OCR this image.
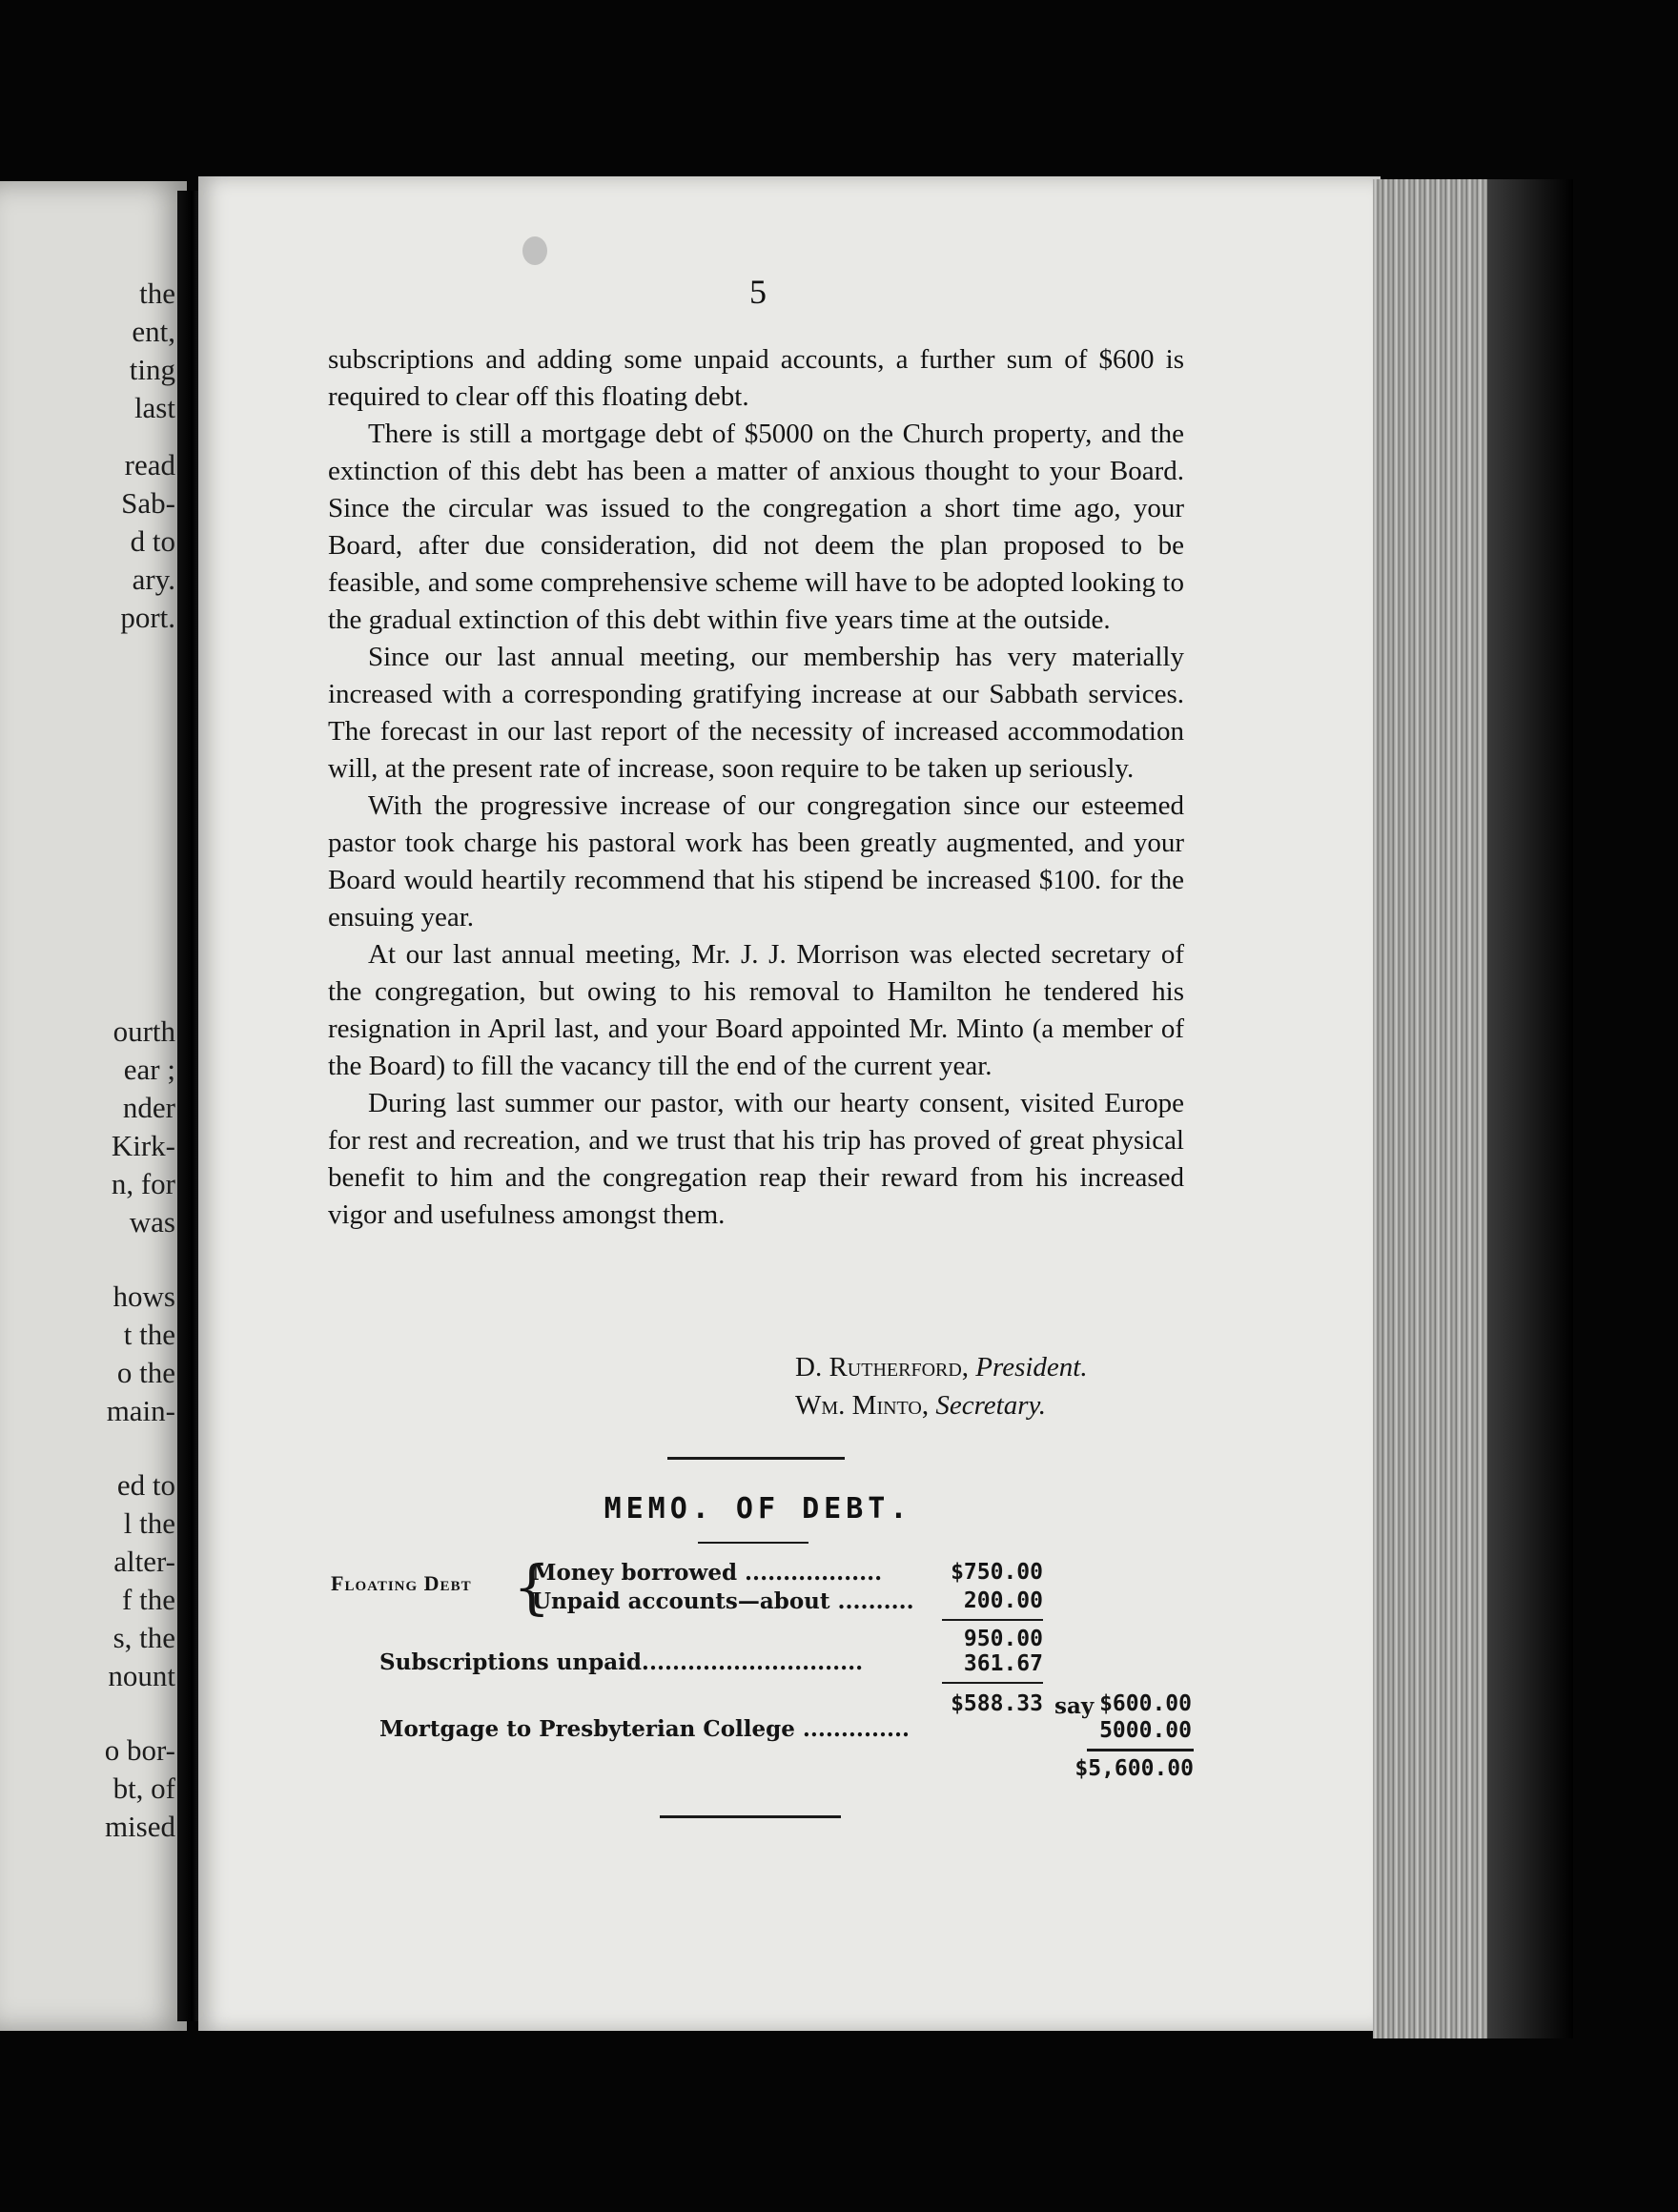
the
ent,
ting
last
read
Sab-
d to
ary.
port.
ourth
ear ;
nder
Kirk-
n, for
was
hows
t the
o the
main-
ed to
l the
alter-
f the
s, the
nount
o bor-
bt, of
mised
5

subscriptions and adding some unpaid accounts, a further sum of $600 is required to clear off this floating debt.

There is still a mortgage debt of $5000 on the Church property, and the extinction of this debt has been a matter of anxious thought to your Board. Since the circular was issued to the congregation a short time ago, your Board, after due consideration, did not deem the plan proposed to be feasible, and some comprehensive scheme will have to be adopted looking to the gradual extinction of this debt within five years time at the outside.

Since our last annual meeting, our membership has very materially increased with a corresponding gratifying increase at our Sabbath services. The forecast in our last report of the necessity of increased accommodation will, at the present rate of increase, soon require to be taken up seriously.

With the progressive increase of our congregation since our esteemed pastor took charge his pastoral work has been greatly augmented, and your Board would heartily recommend that his stipend be increased $100. for the ensuing year.

At our last annual meeting, Mr. J. J. Morrison was elected secretary of the congregation, but owing to his removal to Hamilton he tendered his resignation in April last, and your Board appointed Mr. Minto (a member of the Board) to fill the vacancy till the end of the current year.

During last summer our pastor, with our hearty consent, visited Europe for rest and recreation, and we trust that his trip has proved of great physical benefit to him and the congregation reap their reward from his increased vigor and usefulness amongst them.

D. Rutherford, President.
Wm. Minto, Secretary.
MEMO. OF DEBT.
Floating Debt {
Money borrowed ..................	$750.00
Unpaid accounts—about ..........	200.00
950.00
Subscriptions unpaid.............................	361.67
$588.33 say $600.00
Mortgage to Presbyterian College ..............	5000.00
$5,600.00
